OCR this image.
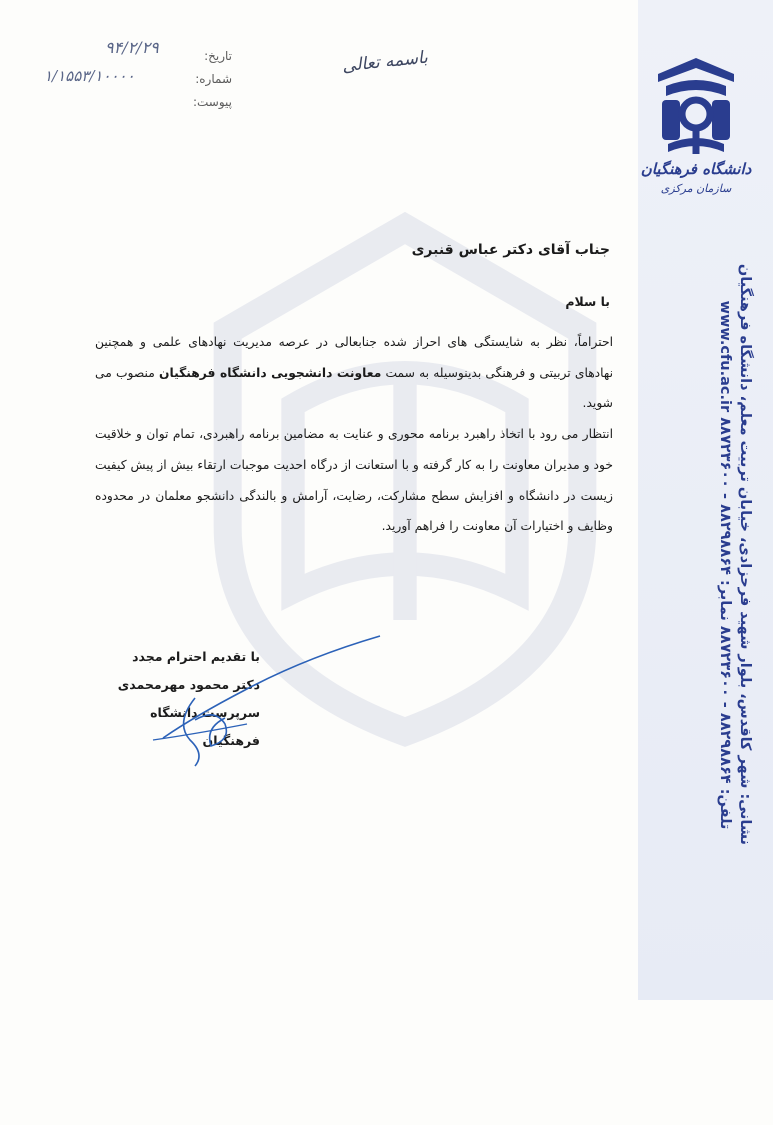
دانشگاه فرهنگیان
سازمان مرکزی
نشانی: شهر کاقدس، بلوار شهید فرحزادی، خیابان تربیت معلم، دانشگاه فرهنگیان
تلفن: ۸۸۲۹۸۸۶۴ - ۸۸۷۲۳۶۰۰ نمابر: ۸۸۲۹۸۸۶۴ - ۸۸۷۲۳۶۰۰ www.cfu.ac.ir
تاریخ:
شماره:
پیوست:
۹۴/۲/۲۹
۱/۱۵۵۳/۱۰۰۰۰	باسمه تعالی
جناب آقای دکتر عباس قنبری
با سلام

احتراماً، نظر به شایستگی های احراز شده جنابعالی در عرصه مدیریت نهادهای علمی و همچنین نهادهای تربیتی و فرهنگی بدینوسیله به سمت معاونت دانشجویی دانشگاه فرهنگیان منصوب می شوید.

انتظار می رود با اتخاذ راهبرد برنامه محوری و عنایت به مضامین برنامه راهبردی، تمام توان و خلاقیت خود و مدیران معاونت را به کار گرفته و با استعانت از درگاه احدیت موجبات ارتقاء بیش از پیش کیفیت زیست در دانشگاه و افزایش سطح مشارکت، رضایت، آرامش و بالندگی دانشجو معلمان در محدوده وظایف و اختیارات آن معاونت را فراهم آورید.

با تقدیم احترام مجدد
دکتر محمود مهرمحمدی
سرپرست دانشگاه فرهنگیان
